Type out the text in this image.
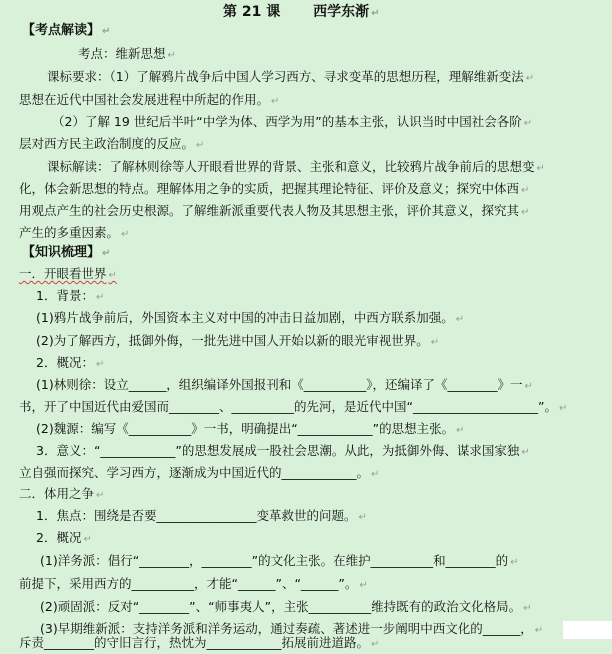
第 21 课　　 西学东渐 ↵
【考点解读】 ↵
考点：维新思想 ↵
课标要求：（1）了解鸦片战争后中国人学习西方、寻求变革的思想历程，理解维新变法 ↵
思想在近代中国社会发展进程中所起的作用。 ↵
（2）了解 19 世纪后半叶“中学为体、西学为用”的基本主张，认识当时中国社会各阶 ↵
层对西方民主政治制度的反应。 ↵
课标解读：了解林则徐等人开眼看世界的背景、主张和意义，比较鸦片战争前后的思想变 ↵
化，体会新思想的特点。理解体用之争的实质，把握其理论特征、评价及意义；探究中体西 ↵
用观点产生的社会历史根源。了解维新派重要代表人物及其思想主张，评价其意义，探究其 ↵
产生的多重因素。 ↵
【知识梳理】 ↵
一．开眼看世界 ↵
1．背景： ↵
(1)鸦片战争前后，外国资本主义对中国的冲击日益加剧，中西方联系加强。 ↵
(2)为了解西方，抵御外侮，一批先进中国人开始以新的眼光审视世界。 ↵
2．概况： ↵
(1)林则徐：设立______，组织编译外国报刊和《__________》，还编译了《________》一 ↵
书，开了中国近代由爱国而________、__________的先河，是近代中国“____________________”。 ↵
(2)魏源：编写《__________》一书，明确提出“____________”的思想主张。 ↵
3．意义：“____________”的思想发展成一股社会思潮。从此，为抵御外侮、谋求国家独 ↵
立自强而探究、学习西方，逐渐成为中国近代的____________。 ↵
二．体用之争 ↵
1．焦点：围绕是否要________________变革救世的问题。 ↵
2．概况 ↵
(1)洋务派：倡行“________，________”的文化主张。在维护__________和________的 ↵
前提下，采用西方的__________，才能“______”、“______”。 ↵
(2)顽固派：反对“________”、“师事夷人”，主张__________维持既有的政治文化格局。 ↵
(3)早期维新派：支持洋务派和洋务运动，通过奏疏、著述进一步阐明中西文化的______， ↵
斥责________的守旧言行，热忱为____________拓展前进道路。 ↵
